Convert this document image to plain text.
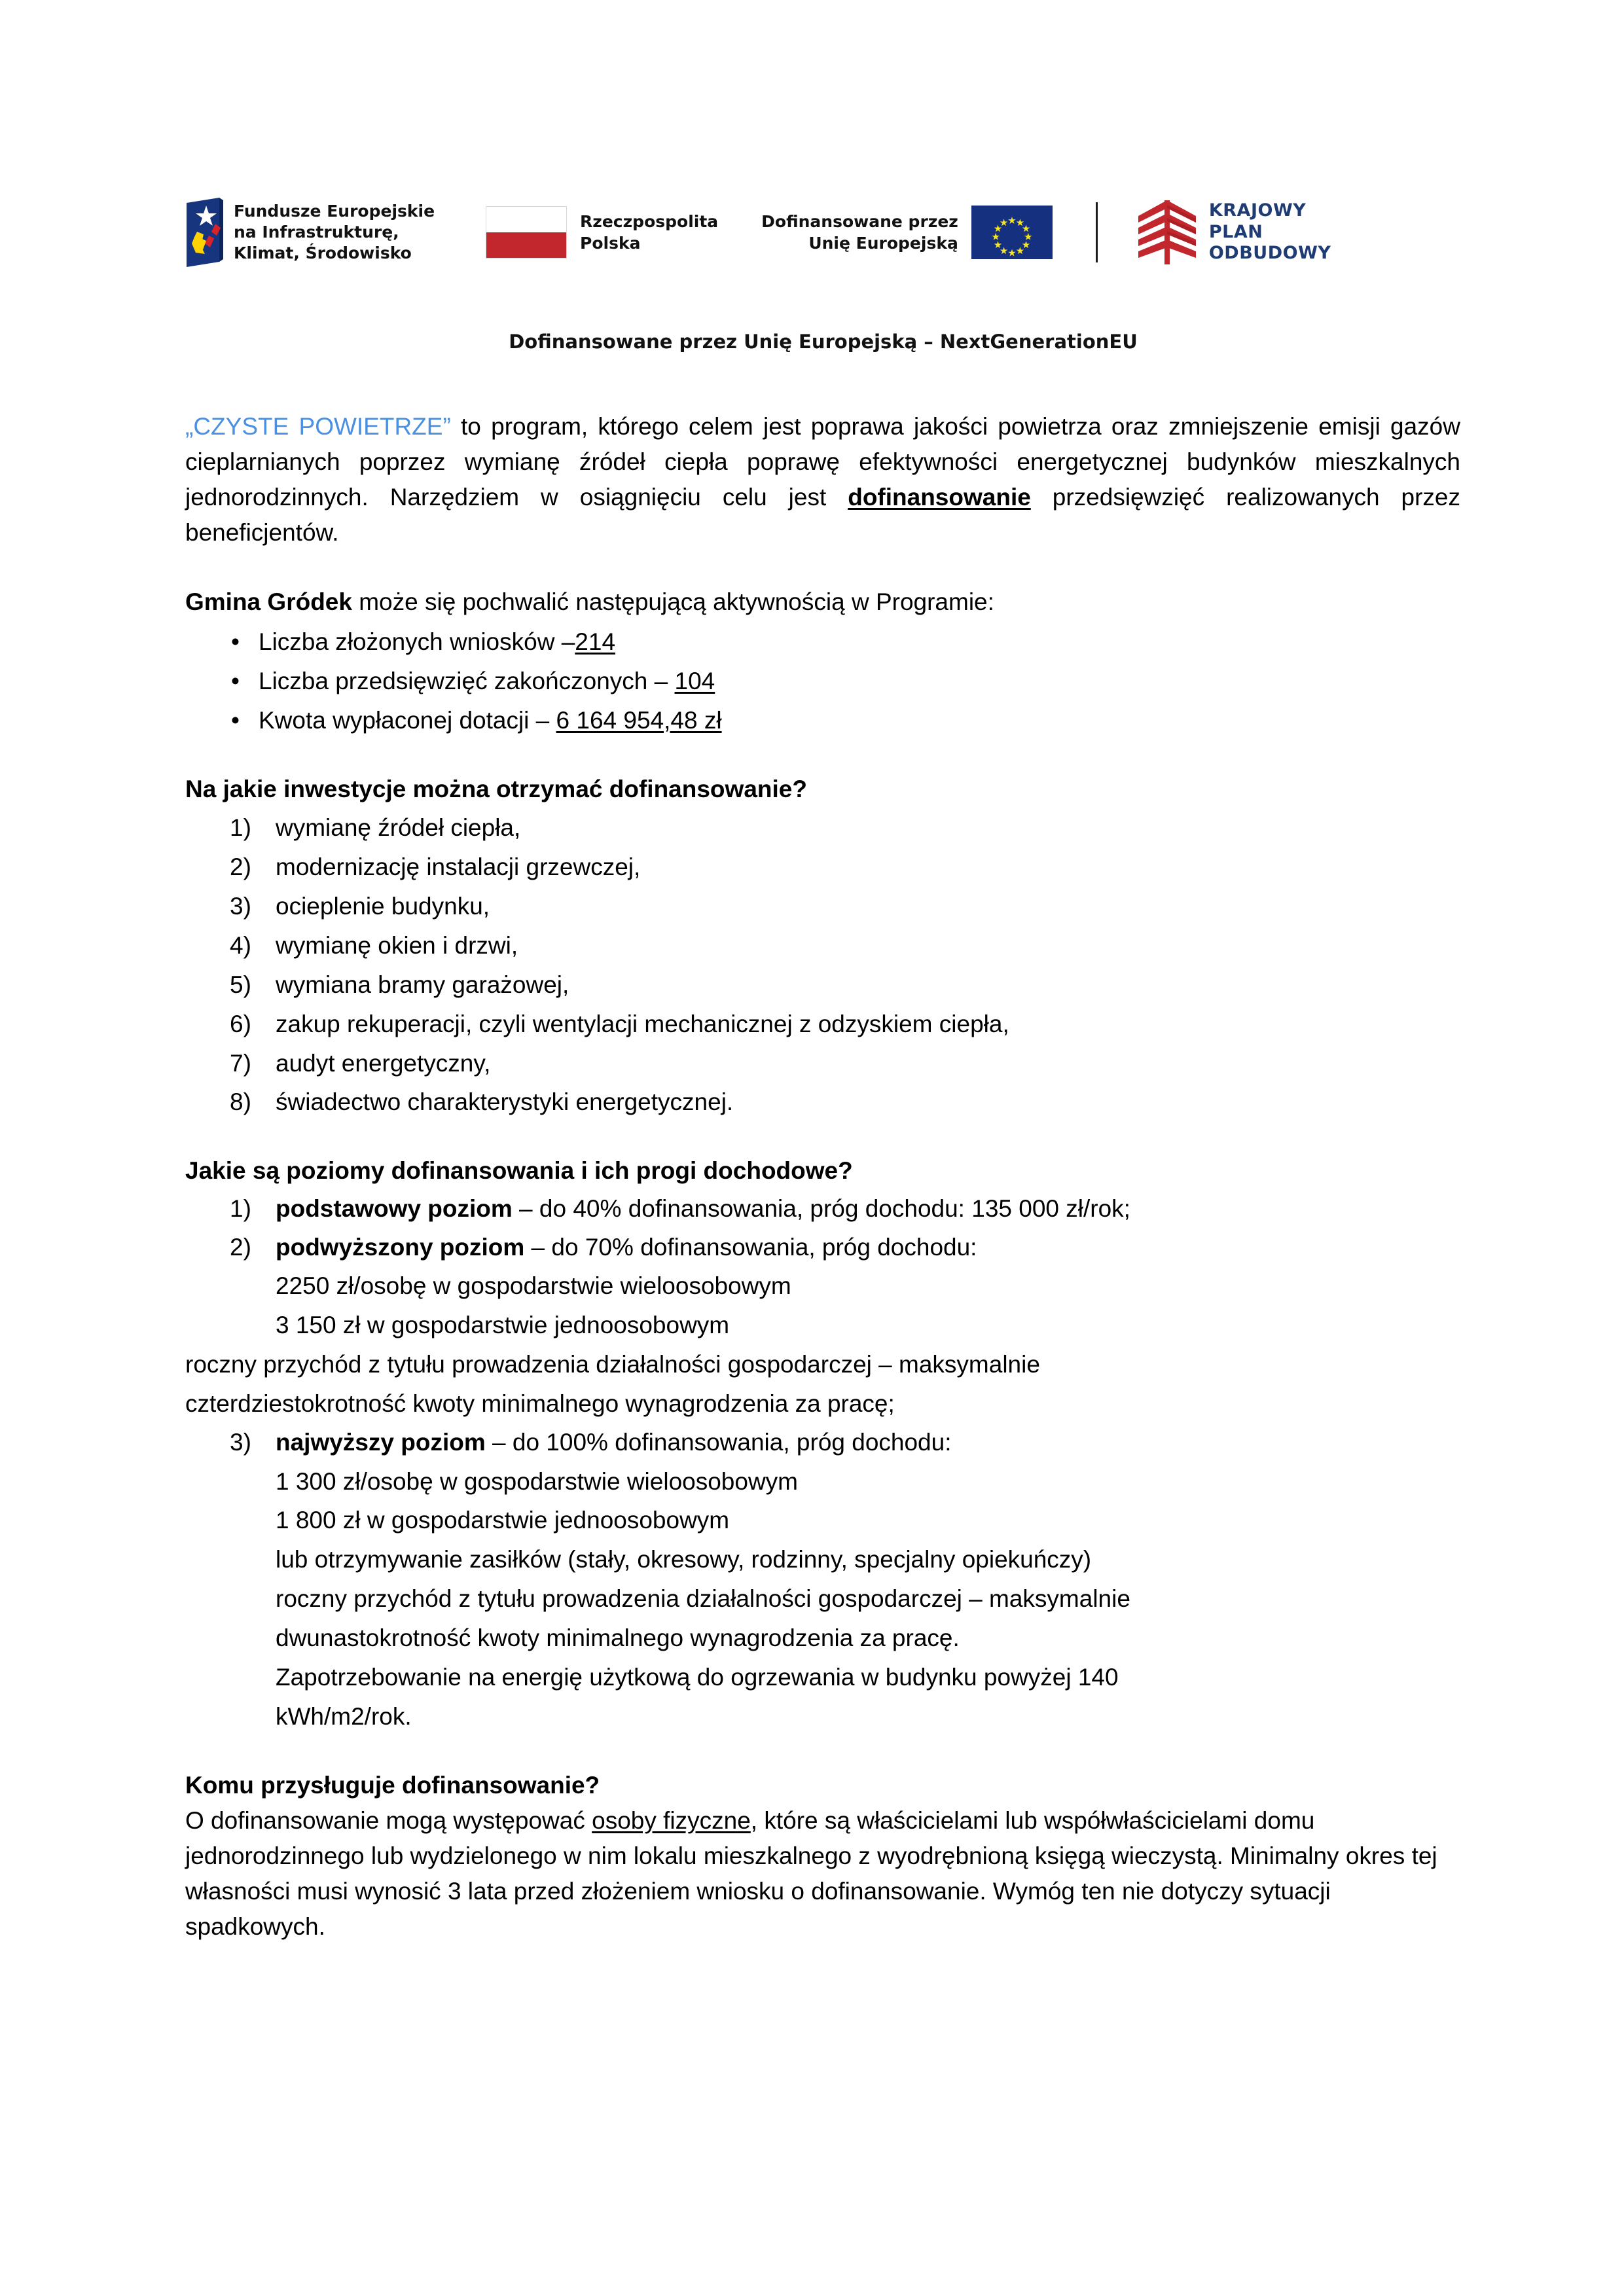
Fundusze Europejskie
na Infrastrukturę,
Klimat, Środowisko
Rzeczpospolita
Polska
Dofinansowane przez
Unię Europejską
KRAJOWY
PLAN
ODBUDOWY
Dofinansowane przez Unię Europejską – NextGenerationEU

„CZYSTE POWIETRZE” to program, którego celem jest poprawa jakości powietrza oraz zmniejszenie emisji gazów cieplarnianych poprzez wymianę źródeł ciepła poprawę efektywności energetycznej budynków mieszkalnych jednorodzinnych. Narzędziem w osiągnięciu celu jest dofinansowanie przedsięwzięć realizowanych przez beneficjentów.

Gmina Gródek może się pochwalić następującą aktywnością w Programie:

• Liczba złożonych wniosków –214
• Liczba przedsięwzięć zakończonych – 104
• Kwota wypłaconej dotacji – 6 164 954,48 zł
Na jakie inwestycje można otrzymać dofinansowanie?
wymianę źródeł ciepła,
modernizację instalacji grzewczej,
ocieplenie budynku,
wymianę okien i drzwi,
wymiana bramy garażowej,
zakup rekuperacji, czyli wentylacji mechanicznej z odzyskiem ciepła,
audyt energetyczny,
świadectwo charakterystyki energetycznej.
Jakie są poziomy dofinansowania i ich progi dochodowe?
podstawowy poziom – do 40% dofinansowania, próg dochodu: 135 000 zł/rok;
podwyższony poziom – do 70% dofinansowania, próg dochodu:
2250 zł/osobę w gospodarstwie wieloosobowym
3 150 zł w gospodarstwie jednoosobowym
roczny przychód z tytułu prowadzenia działalności gospodarczej – maksymalnie
czterdziestokrotność kwoty minimalnego wynagrodzenia za pracę;
najwyższy poziom – do 100% dofinansowania, próg dochodu:
1 300 zł/osobę w gospodarstwie wieloosobowym
1 800 zł w gospodarstwie jednoosobowym
lub otrzymywanie zasiłków (stały, okresowy, rodzinny, specjalny opiekuńczy)
roczny przychód z tytułu prowadzenia działalności gospodarczej – maksymalnie
dwunastokrotność kwoty minimalnego wynagrodzenia za pracę.
Zapotrzebowanie na energię użytkową do ogrzewania w budynku powyżej 140
kWh/m2/rok.
Komu przysługuje dofinansowanie?

O dofinansowanie mogą występować osoby fizyczne, które są właścicielami lub współwłaścicielami domu jednorodzinnego lub wydzielonego w nim lokalu mieszkalnego z wyodrębnioną księgą wieczystą. Minimalny okres tej własności musi wynosić 3 lata przed złożeniem wniosku o dofinansowanie. Wymóg ten nie dotyczy sytuacji spadkowych.
